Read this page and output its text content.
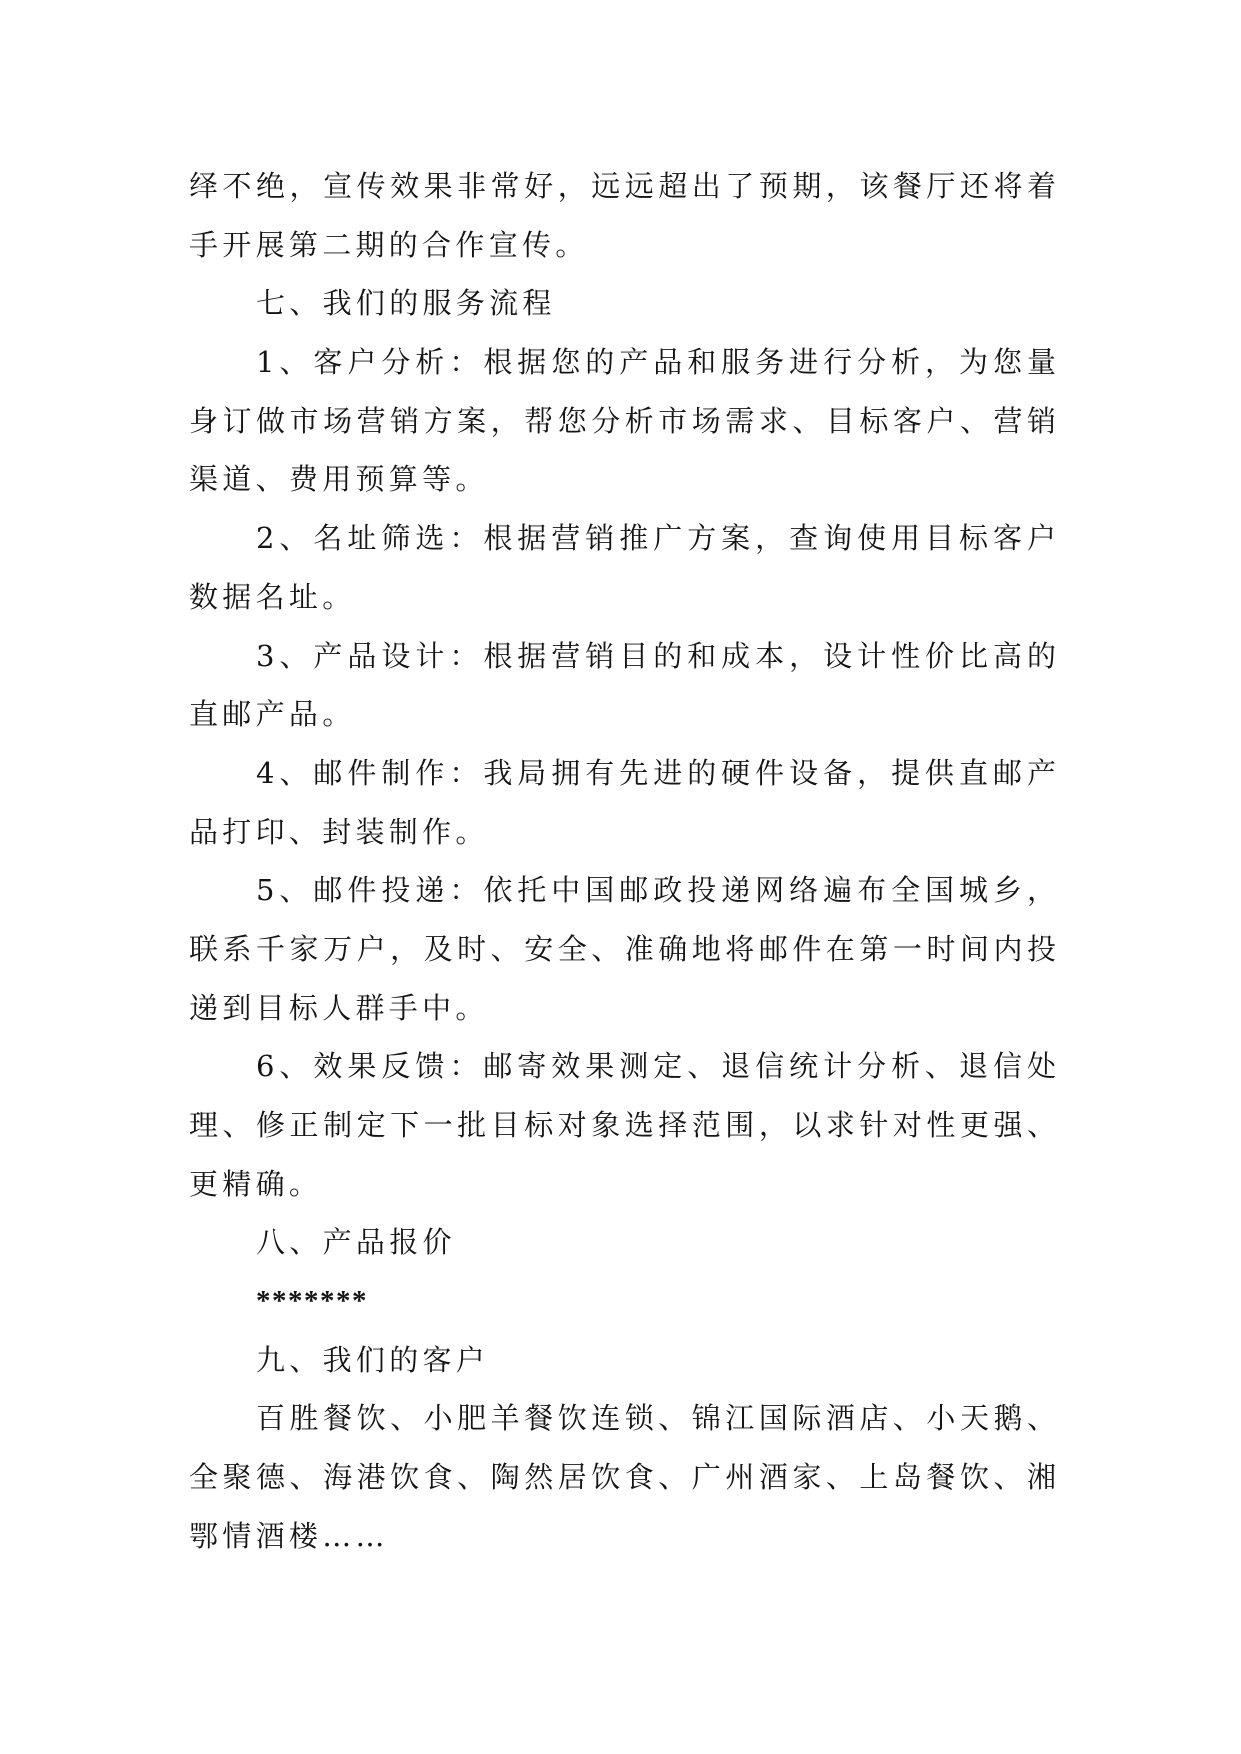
绎不绝，宣传效果非常好，远远超出了预期，该餐厅还将着
手开展第二期的合作宣传。
七、我们的服务流程
1、客户分析：根据您的产品和服务进行分析，为您量
身订做市场营销方案，帮您分析市场需求、目标客户、营销
渠道、费用预算等。
2、名址筛选：根据营销推广方案，查询使用目标客户
数据名址。
3、产品设计：根据营销目的和成本，设计性价比高的
直邮产品。
4、邮件制作：我局拥有先进的硬件设备，提供直邮产
品打印、封装制作。
5、邮件投递：依托中国邮政投递网络遍布全国城乡，
联系千家万户，及时、安全、准确地将邮件在第一时间内投
递到目标人群手中。
6、效果反馈：邮寄效果测定、退信统计分析、退信处
理、修正制定下一批目标对象选择范围，以求针对性更强、
更精确。
八、产品报价
*******
九、我们的客户
百胜餐饮、小肥羊餐饮连锁、锦江国际酒店、小天鹅、
全聚德、海港饮食、陶然居饮食、广州酒家、上岛餐饮、湘
鄂情酒楼……
